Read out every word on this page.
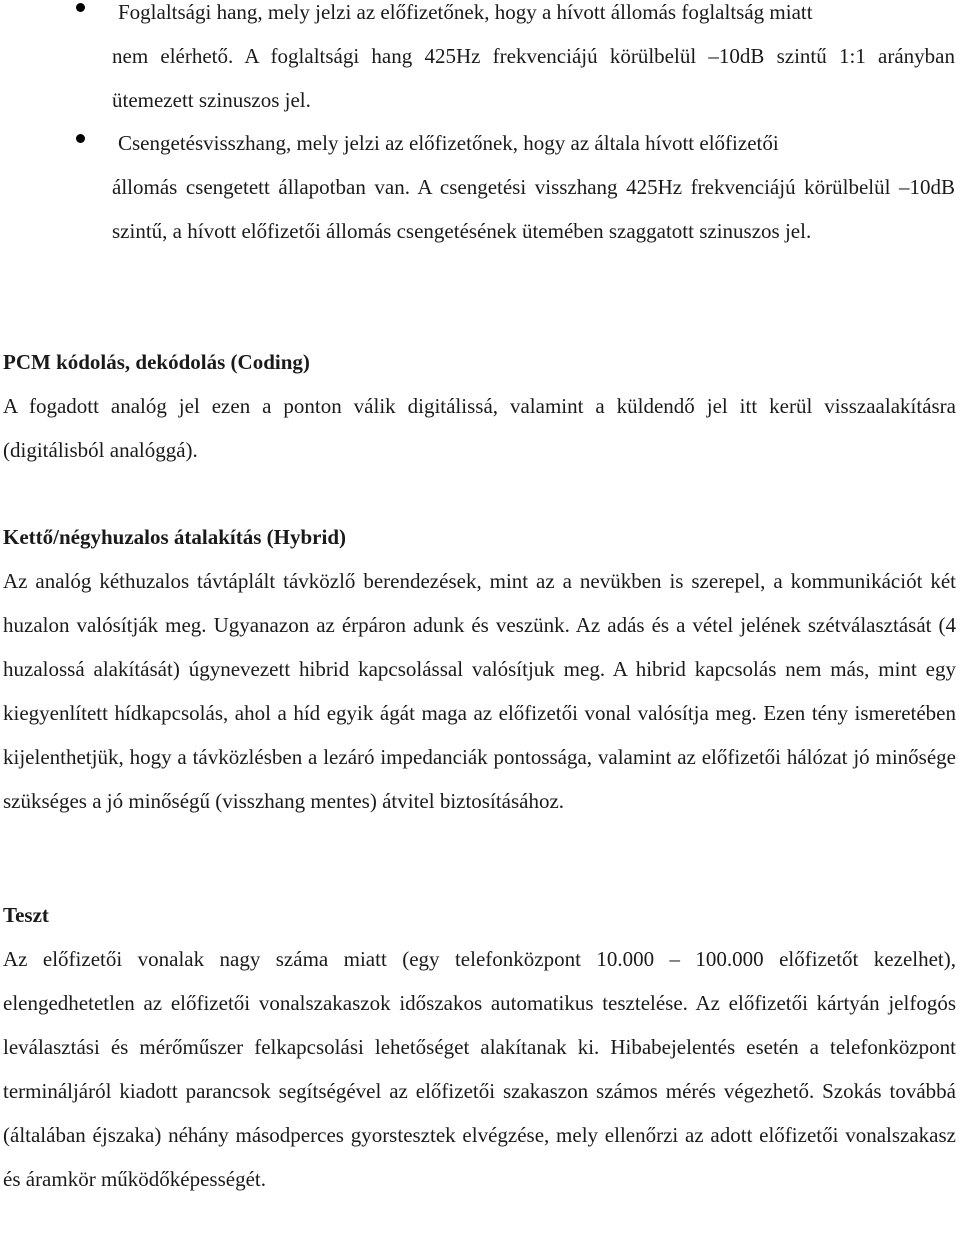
Foglaltsági hang, mely jelzi az előfizetőnek, hogy a hívott állomás foglaltság miatt

nem elérhető. A foglaltsági hang 425Hz frekvenciájú körülbelül –10dB szintű 1:1 arányban ütemezett szinuszos jel.

Csengetésvisszhang, mely jelzi az előfizetőnek, hogy az általa hívott előfizetői

állomás csengetett állapotban van. A csengetési visszhang 425Hz frekvenciájú körülbelül –10dB szintű, a hívott előfizetői állomás csengetésének ütemében szaggatott szinuszos jel.

PCM kódolás, dekódolás (Coding)

A fogadott analóg jel ezen a ponton válik digitálissá, valamint a küldendő jel itt kerül visszaalakításra (digitálisból analóggá).

Kettő/négyhuzalos átalakítás (Hybrid)

Az analóg kéthuzalos távtáplált távközlő berendezések, mint az a nevükben is szerepel, a kommunikációt két huzalon valósítják meg. Ugyanazon az érpáron adunk és veszünk. Az adás és a vétel jelének szétválasztását (4 huzalossá alakítását) úgynevezett hibrid kapcsolással valósítjuk meg. A hibrid kapcsolás nem más, mint egy kiegyenlített hídkapcsolás, ahol a híd egyik ágát maga az előfizetői vonal valósítja meg. Ezen tény ismeretében kijelenthetjük, hogy a távközlésben a lezáró impedanciák pontossága, valamint az előfizetői hálózat jó minősége szükséges a jó minőségű (visszhang mentes) átvitel biztosításához.

Teszt

Az előfizetői vonalak nagy száma miatt (egy telefonközpont 10.000 – 100.000 előfizetőt kezelhet), elengedhetetlen az előfizetői vonalszakaszok időszakos automatikus tesztelése. Az előfizetői kártyán jelfogós leválasztási és mérőműszer felkapcsolási lehetőséget alakítanak ki. Hibabejelentés esetén a telefonközpont termináljáról kiadott parancsok segítségével az előfizetői szakaszon számos mérés végezhető. Szokás továbbá (általában éjszaka) néhány másodperces gyorstesztek elvégzése, mely ellenőrzi az adott előfizetői vonalszakasz és áramkör működőképességét.
